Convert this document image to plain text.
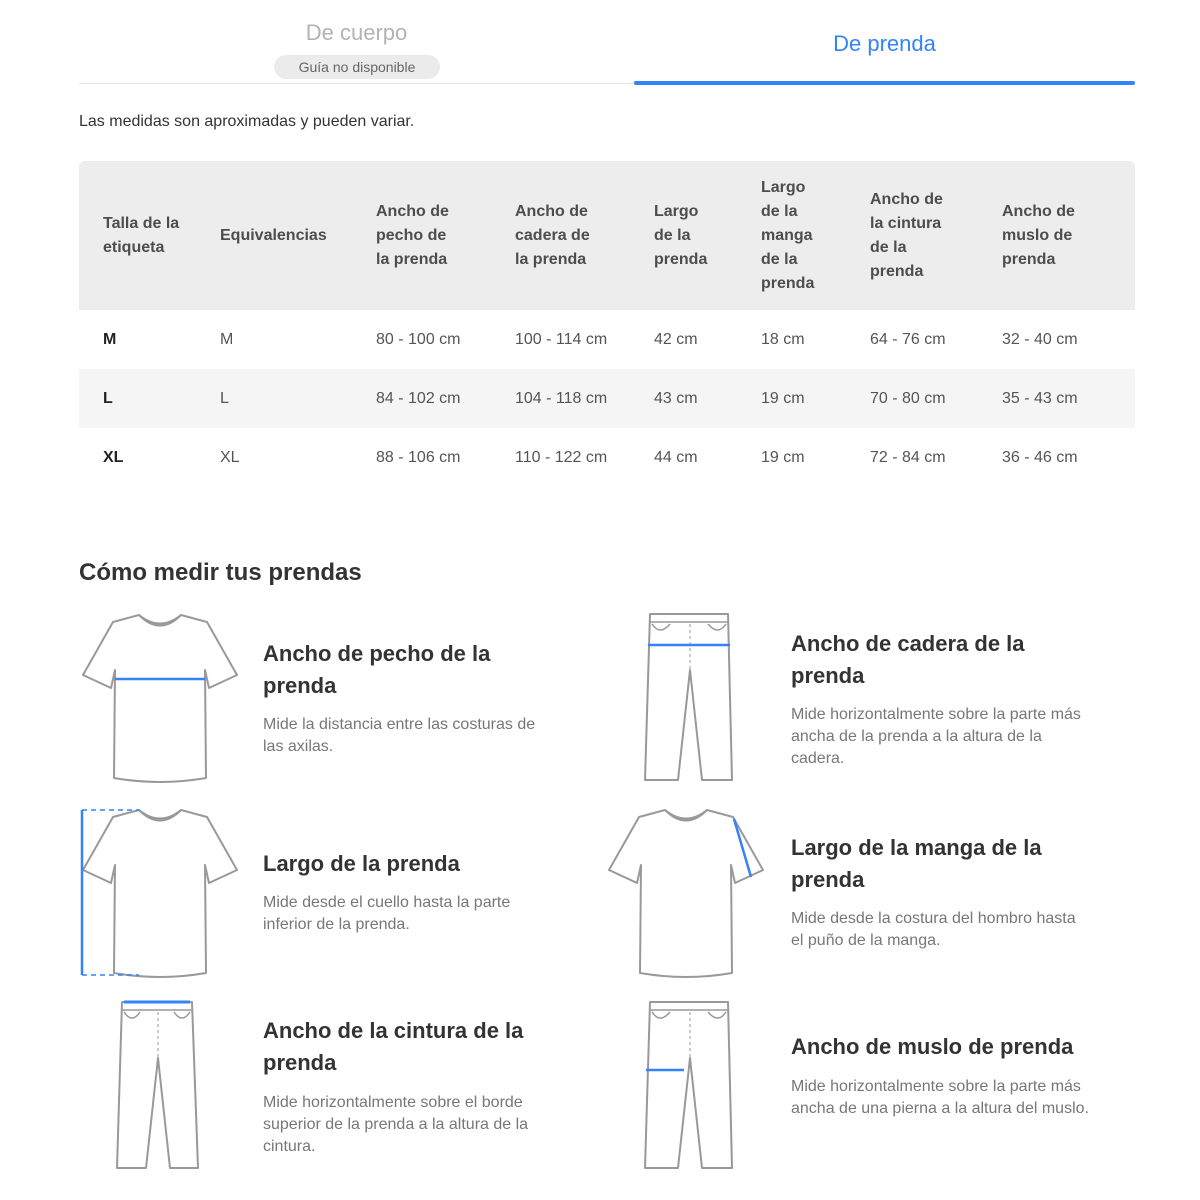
De cuerpo
Guía no disponible
De prenda
Las medidas son aproximadas y pueden variar.
Talla de la etiqueta	Equivalencias	Ancho de pecho de la prenda	Ancho de cadera de la prenda	Largo de la prenda	Largo de la manga de la prenda	Ancho de la cintura de la prenda	Ancho de muslo de prenda

M	M	80 - 100 cm	100 - 114 cm	42 cm	18 cm	64 - 76 cm	32 - 40 cm
L	L	84 - 102 cm	104 - 118 cm	43 cm	19 cm	70 - 80 cm	35 - 43 cm
XL	XL	88 - 106 cm	110 - 122 cm	44 cm	19 cm	72 - 84 cm	36 - 46 cm
Cómo medir tus prendas
Ancho de pecho de la prenda
Mide la distancia entre las costuras de las axilas.
Ancho de cadera de la prenda
Mide horizontalmente sobre la parte más ancha de la prenda a la altura de la cadera.
Largo de la prenda
Mide desde el cuello hasta la parte inferior de la prenda.
Largo de la manga de la prenda
Mide desde la costura del hombro hasta el puño de la manga.
Ancho de la cintura de la prenda
Mide horizontalmente sobre el borde superior de la prenda a la altura de la cintura.
Ancho de muslo de prenda
Mide horizontalmente sobre la parte más ancha de una pierna a la altura del muslo.
